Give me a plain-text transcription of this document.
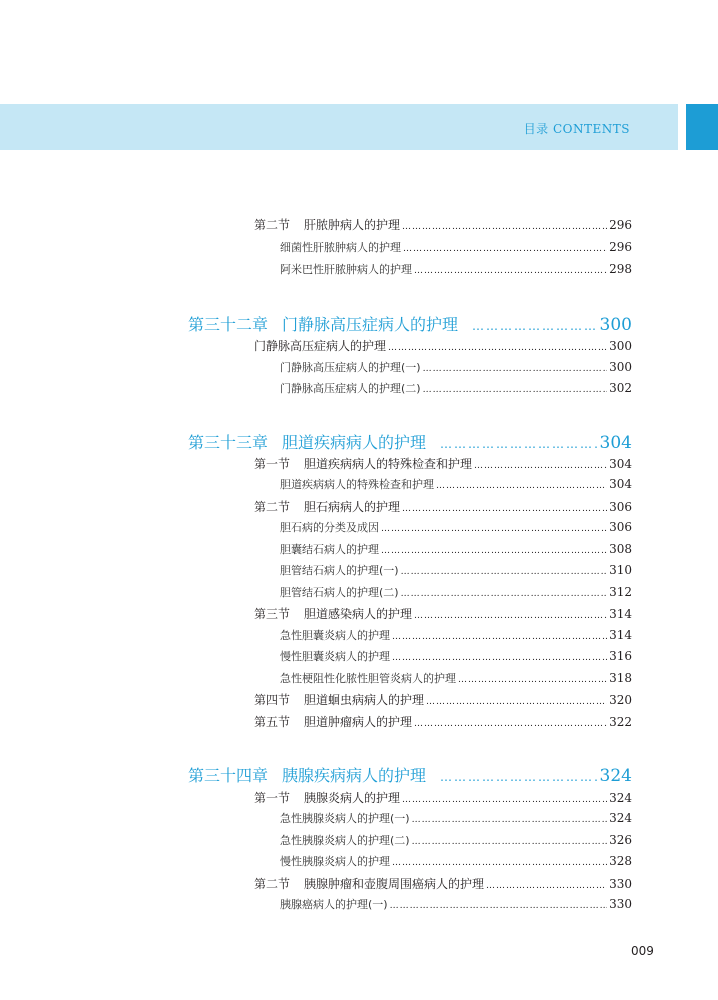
目录 CONTENTS
第二节 肝脓肿病人的护理 …………………………………………………………………………………………………………………………………………………………………………………………………………………………	296
细菌性肝脓肿病人的护理 …………………………………………………………………………………………………………………………………………………………………………………………………………………………	296
阿米巴性肝脓肿病人的护理 …………………………………………………………………………………………………………………………………………………………………………………………………………………………	298
第三十二章 门静脉高压症病人的护理 …………………………………………………………………………………………………………………………………………………………………………………………………………………………	300
门静脉高压症病人的护理 …………………………………………………………………………………………………………………………………………………………………………………………………………………………	300
门静脉高压症病人的护理(一) …………………………………………………………………………………………………………………………………………………………………………………………………………………………	300
门静脉高压症病人的护理(二) …………………………………………………………………………………………………………………………………………………………………………………………………………………………	302
第三十三章 胆道疾病病人的护理 …………………………………………………………………………………………………………………………………………………………………………………………………………………………	304
第一节 胆道疾病病人的特殊检查和护理 …………………………………………………………………………………………………………………………………………………………………………………………………………………………	304
胆道疾病病人的特殊检查和护理 …………………………………………………………………………………………………………………………………………………………………………………………………………………………	304
第二节 胆石病病人的护理 …………………………………………………………………………………………………………………………………………………………………………………………………………………………	306
胆石病的分类及成因 …………………………………………………………………………………………………………………………………………………………………………………………………………………………	306
胆囊结石病人的护理 …………………………………………………………………………………………………………………………………………………………………………………………………………………………	308
胆管结石病人的护理(一) …………………………………………………………………………………………………………………………………………………………………………………………………………………………	310
胆管结石病人的护理(二) …………………………………………………………………………………………………………………………………………………………………………………………………………………………	312
第三节 胆道感染病人的护理 …………………………………………………………………………………………………………………………………………………………………………………………………………………………	314
急性胆囊炎病人的护理 …………………………………………………………………………………………………………………………………………………………………………………………………………………………	314
慢性胆囊炎病人的护理 …………………………………………………………………………………………………………………………………………………………………………………………………………………………	316
急性梗阻性化脓性胆管炎病人的护理 …………………………………………………………………………………………………………………………………………………………………………………………………………………………	318
第四节 胆道蛔虫病病人的护理 …………………………………………………………………………………………………………………………………………………………………………………………………………………………	320
第五节 胆道肿瘤病人的护理 …………………………………………………………………………………………………………………………………………………………………………………………………………………………	322
第三十四章 胰腺疾病病人的护理 …………………………………………………………………………………………………………………………………………………………………………………………………………………………	324
第一节 胰腺炎病人的护理 …………………………………………………………………………………………………………………………………………………………………………………………………………………………	324
急性胰腺炎病人的护理(一) …………………………………………………………………………………………………………………………………………………………………………………………………………………………	324
急性胰腺炎病人的护理(二) …………………………………………………………………………………………………………………………………………………………………………………………………………………………	326
慢性胰腺炎病人的护理 …………………………………………………………………………………………………………………………………………………………………………………………………………………………	328
第二节 胰腺肿瘤和壶腹周围癌病人的护理 …………………………………………………………………………………………………………………………………………………………………………………………………………………………	330
胰腺癌病人的护理(一) …………………………………………………………………………………………………………………………………………………………………………………………………………………………	330
009
